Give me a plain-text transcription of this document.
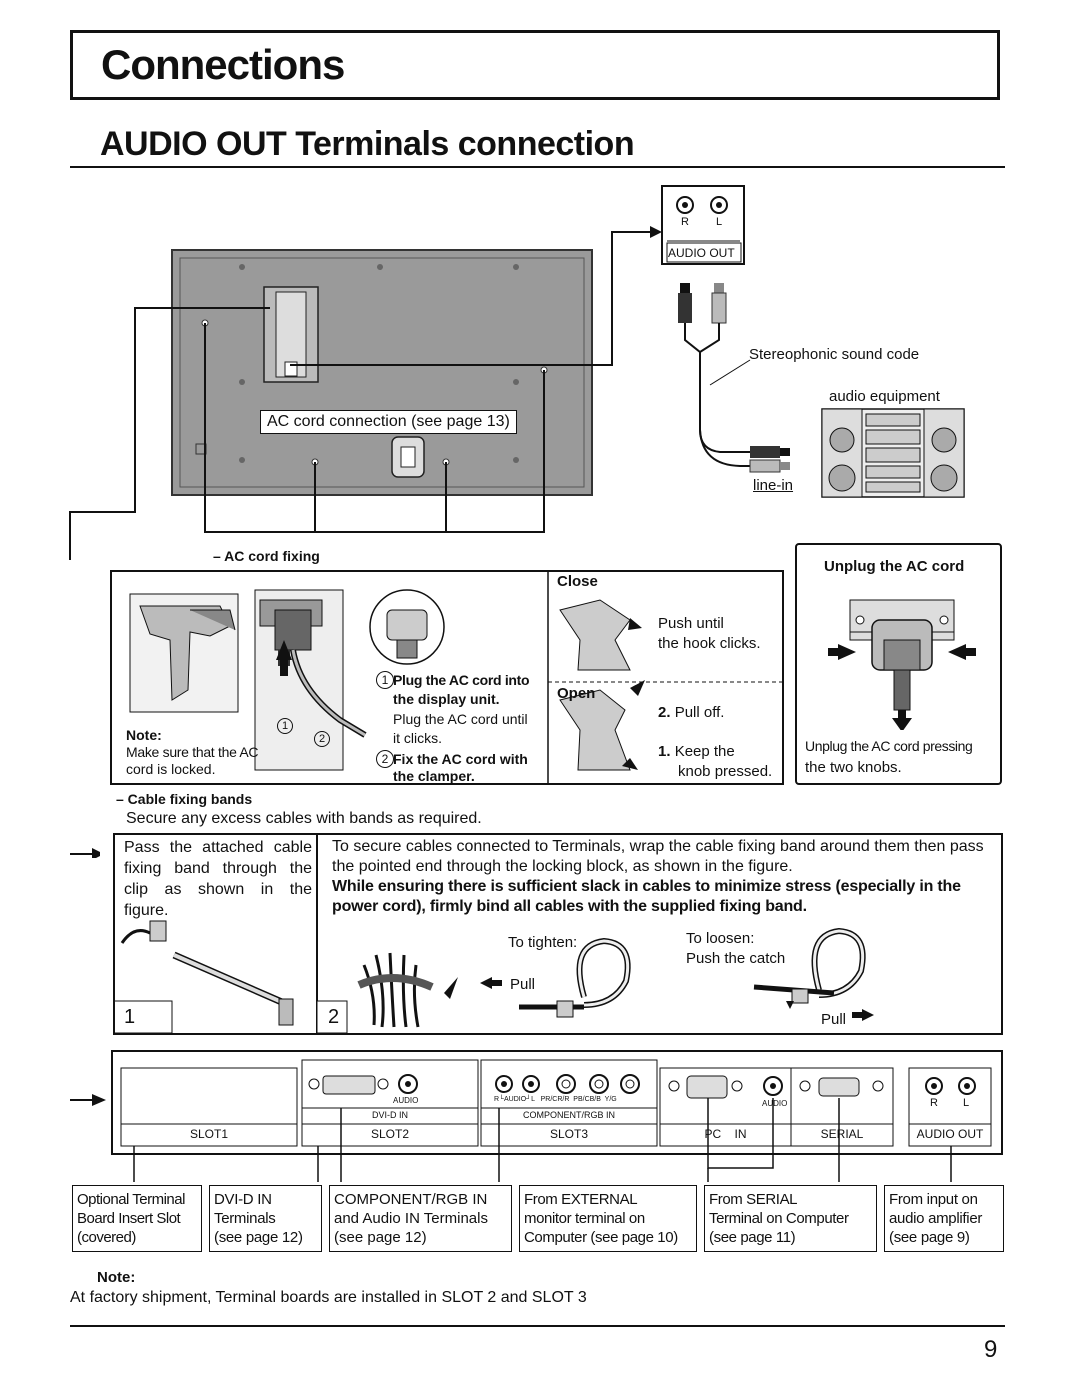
Connections
AUDIO OUT Terminals connection
R L
AUDIO OUT
Stereophonic sound code
audio equipment
line-in
AC cord connection (see page 13)
– AC cord fixing
Close
Push until
the hook clicks.
Open
2. Pull off.
1. Keep the
knob pressed.
1 Plug the AC cord into
the display unit.
Plug the AC cord until
it clicks.
2 Fix the AC cord with
the clamper.
1
2
Note:
Make sure that the AC
cord is locked.
Unplug the AC cord
Unplug the AC cord pressing
the two knobs.
– Cable fixing bands
Secure any excess cables with bands as required.
Pass the attached cable fixing band through the clip as shown in the figure.
To secure cables connected to Terminals, wrap the cable fixing band around them then pass the pointed end through the locking block, as shown in the figure.
While ensuring there is sufficient slack in cables to minimize stress (especially in the power cord), firmly bind all cables with the supplied fixing band.
To tighten:
Pull
To loosen:
Push the catch
Pull
1	2
SLOT1	SLOT2	SLOT3	PC    IN	SERIAL	AUDIO OUT
AUDIO
DVI-D IN	COMPONENT/RGB IN
R└AUDIO┘L   PR/CR/R  PB/CB/B  Y/G	AUDIO	R L
Optional Terminal
Board Insert Slot
(covered)
DVI-D IN
Terminals
(see page 12)
COMPONENT/RGB IN
and Audio IN Terminals
(see page 12)
From EXTERNAL
monitor terminal on
Computer (see page 10)
From SERIAL
Terminal on Computer
(see page 11)
From input on
audio amplifier
(see page 9)
Note:
At factory shipment, Terminal boards are installed in SLOT 2 and SLOT 3
9
